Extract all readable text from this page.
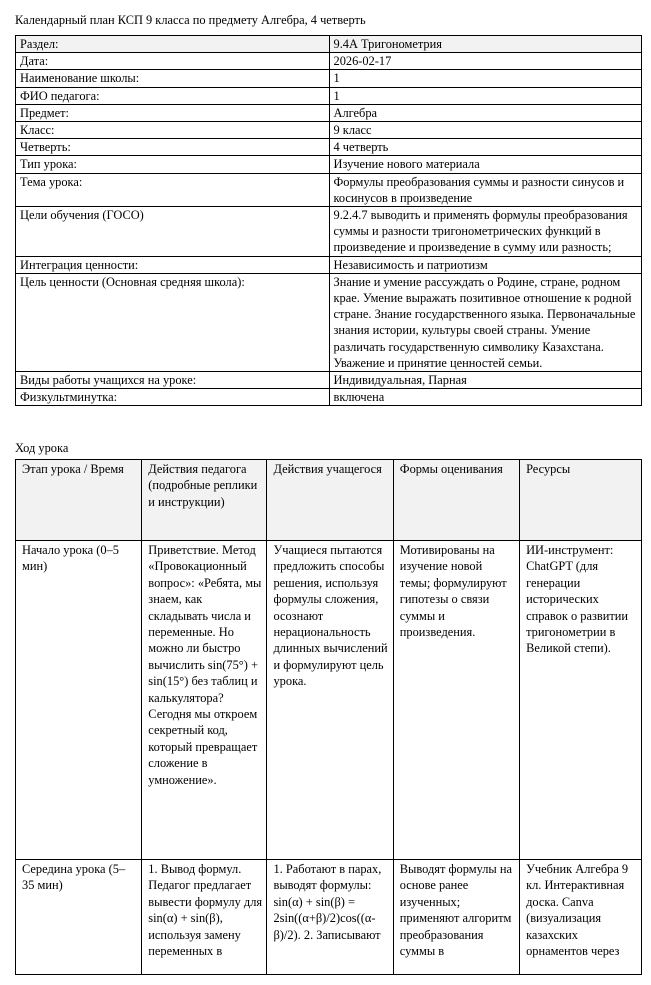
Календарный план КСП 9 класса по предмету Алгебра, 4 четверть
Раздел:	9.4А Тригонометрия
Дата:	2026-02-17
Наименование школы:	1
ФИО педагога:	1
Предмет:	Алгебра
Класс:	9 класс
Четверть:	4 четверть
Тип урока:	Изучение нового материала
Тема урока:	Формулы преобразования суммы и разности синусов и косинусов в произведение
Цели обучения (ГОСО)	9.2.4.7 выводить и применять формулы преобразования суммы и разности тригонометрических функций в произведение и произведение в сумму или разность;
Интеграция ценности:	Независимость и патриотизм
Цель ценности (Основная средняя школа):	Знание и умение рассуждать о Родине, стране, родном крае. Умение выражать позитивное отношение к родной стране. Знание государственного языка. Первоначальные знания истории, культуры своей страны. Умение различать государственную символику Казахстана. Уважение и принятие ценностей семьи.
Виды работы учащихся на уроке:	Индивидуальная, Парная
Физкультминутка:	включена
Ход урока
Этап урока / Время	Действия педагога (подробные реплики и инструкции)	Действия учащегося	Формы оценивания	Ресурсы
Начало урока (0–5 мин)	Приветствие. Метод «Провокационный вопрос»: «Ребята, мы знаем, как складывать числа и переменные. Но можно ли быстро вычислить sin(75°) + sin(15°) без таблиц и калькулятора? Сегодня мы откроем секретный код, который превращает сложение в умножение».	Учащиеся пытаются предложить способы решения, используя формулы сложения, осознают нерациональность длинных вычислений и формулируют цель урока.	Мотивированы на изучение новой темы; формулируют гипотезы о связи суммы и произведения.	ИИ-инструмент: ChatGPT (для генерации исторических справок о развитии тригонометрии в Великой степи).

Середина урока (5–35 мин)	1. Вывод формул. Педагог предлагает вывести формулу для sin(α) + sin(β), используя замену переменных в	1. Работают в парах, выводят формулы: sin(α) + sin(β) = 2sin((α+β)/2)cos((α-β)/2). 2. Записывают	Выводят формулы на основе ранее изученных; применяют алгоритм преобразования суммы в	Учебник Алгебра 9 кл. Интерактивная доска. Canva (визуализация казахских орнаментов через
